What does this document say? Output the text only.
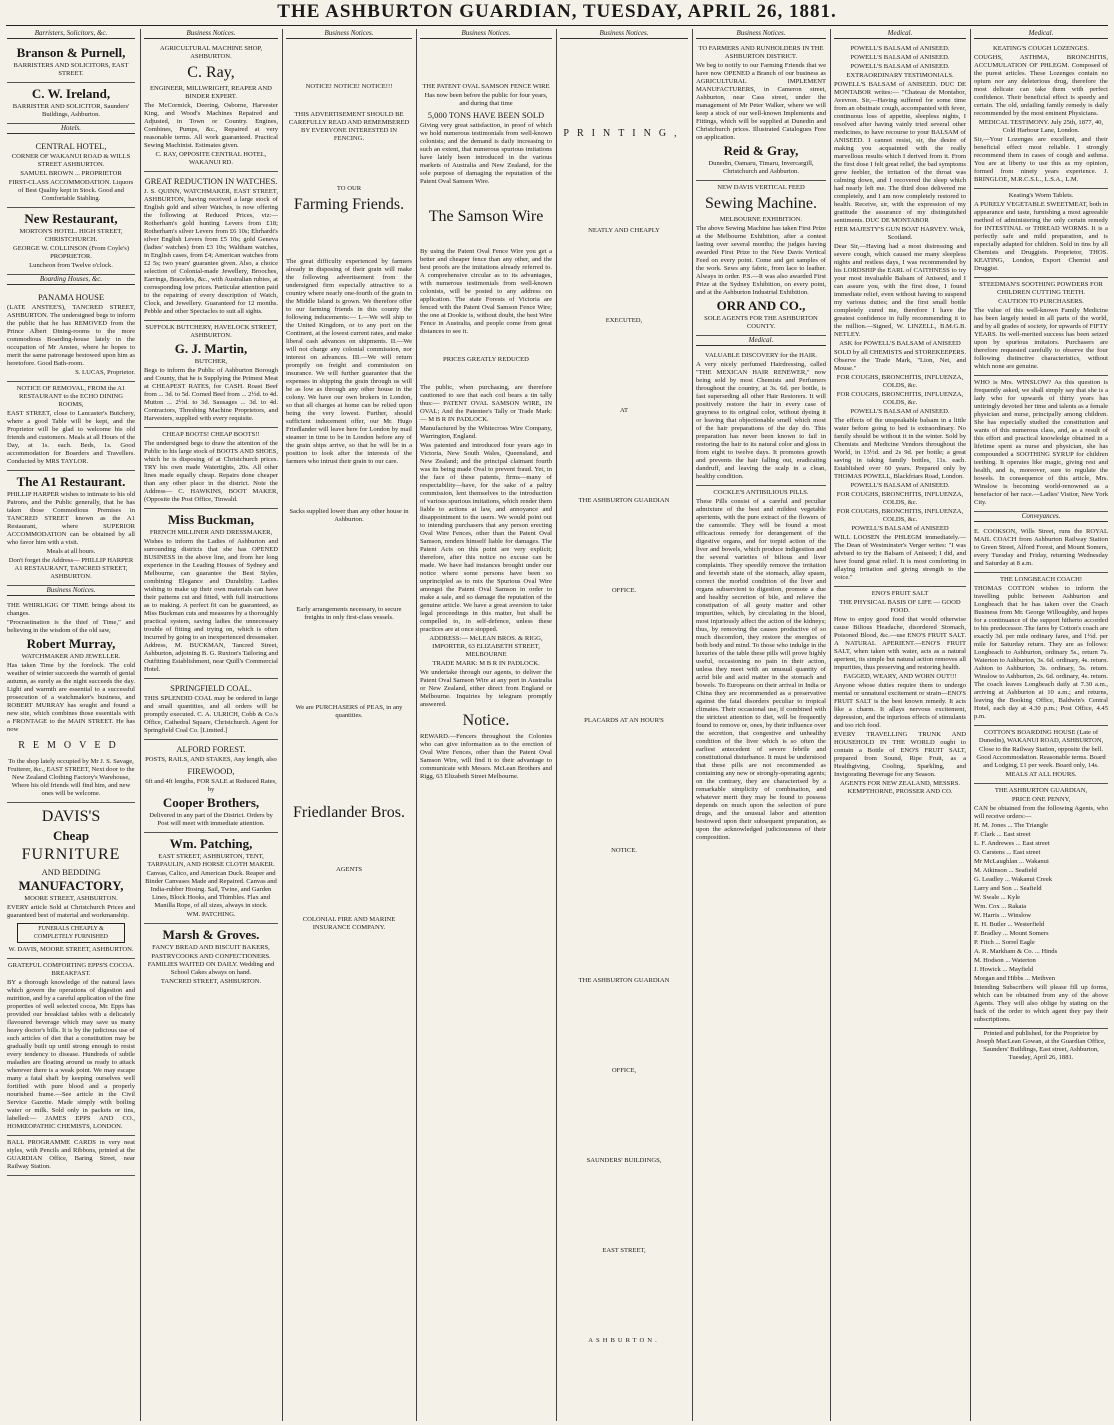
THE ASHBURTON GUARDIAN, TUESDAY, APRIL 26, 1881.
Barristers, Solicitors, &c.
Branson & Purnell,

BARRISTERS AND SOLICITORS, EAST STREET.

C. W. Ireland,

BARRISTER AND SOLICITOR, Saunders' Buildings, Ashburton.

Hotels.
CENTRAL HOTEL,

CORNER OF WAKANUI ROAD & WILLS STREET ASHBURTON.

SAMUEL BROWN ... PROPRIETOR

FIRST-CLASS ACCOMMODATION. Liquors of Best Quality kept in Stock. Good and Comfortable Stabling.

New Restaurant,

MORTON'S HOTEL. HIGH STREET, CHRISTCHURCH.

GEORGE W. COLLINSON (From Coyle's) PROPRIETOR.

Luncheon from Twelve o'clock.

Boarding Houses, &c.
PANAMA HOUSE

(LATE ANSTEE'S), TANCRED STREET, ASHBURTON. The undersigned begs to inform the public that he has REMOVED from the Prince Albert Dining-rooms to the more commodious Boarding-house lately in the occupation of Mr Anstee, where he hopes to merit the same patronage bestowed upon him as heretofore. Good Bath-room.

S. LUCAS, Proprietor.

NOTICE OF REMOVAL, FROM the A1 RESTAURANT to the ECHO DINING ROOMS,

EAST STREET, close to Lancaster's Butchery, where a good Table will be kept, and the Proprietor will be glad to welcome his old friends and customers. Meals at all Hours of the Day, at 1s. each. Beds, 1s. Good accommodation for Boarders and Travellers. Conducted by MRS TAYLOR.

The A1 Restaurant.

PHILLIP HARPER wishes to intimate to his old Patrons, and the Public generally, that he has taken those Commodious Premises in TANCRED STREET known as the A1 Restaurant, where SUPERIOR ACCOMMODATION can be obtained by all who favor him with a visit.

Meals at all hours.

Don't forget the Address— PHILLIP HARPER A1 RESTAURANT, TANCRED STREET, ASHBURTON.

Business Notices.

THE WHIRLIGIG OF TIME brings about its changes.

"Procrastination is the thief of Time," and believing in the wisdom of the old saw,

Robert Murray,

WATCHMAKER AND JEWELLER.

Has taken Time by the forelock. The cold weather of winter succeeds the warmth of genial autumn, as surely as the night succeeds the day. Light and warmth are essential to a successful prosecution of a watchmaker's business, and ROBERT MURRAY has sought and found a new site, which combines those essentials with a FRONTAGE to the MAIN STREET. He has now

REMOVED

To the shop lately occupied by Mr J. S. Savage, Fruiterer, &c., EAST STREET, Next door to the New Zealand Clothing Factory's Warehouse, Where his old friends will find him, and new ones will be welcome.

DAVIS'S
Cheap
FURNITURE
AND BEDDING
MANUFACTORY,

MOORE STREET, ASHBURTON.

EVERY article Sold at Christchurch Prices and guaranteed best of material and workmanship.

FUNERALS CHEAPLY & COMPLETELY FURNISHED

W. DAVIS, MOORE STREET, ASHBURTON.

GRATEFUL COMFORTING EPPS'S COCOA. BREAKFAST.

BY a thorough knowledge of the natural laws which govern the operations of digestion and nutrition, and by a careful application of the fine properties of well selected cocoa, Mr. Epps has provided our breakfast tables with a delicately flavoured beverage which may save us many heavy doctor's bills. It is by the judicious use of such articles of diet that a constitution may be gradually built up until strong enough to resist every tendency to disease. Hundreds of subtle maladies are floating around us ready to attack wherever there is a weak point. We may escape many a fatal shaft by keeping ourselves well fortified with pure blood and a properly nourished frame.—See article in the Civil Service Gazette. Made simply with boiling water or milk. Sold only in packets or tins, labelled:— JAMES EPPS AND CO., HOMŒOPATHIC CHEMISTS, LONDON.

BALL PROGRAMME CARDS in very neat styles, with Pencils and Ribbons, printed at the GUARDIAN Office, Baring Street, near Railway Station.

Business Notices.

AGRICULTURAL MACHINE SHOP, ASHBURTON.

C. Ray,

ENGINEER, MILLWRIGHT, REAPER AND BINDER EXPERT.

The McCormick, Deering, Osborne, Harvester King, and Wood's Machines Repaired and Adjusted, in Town or Country. Engines, Combines, Pumps, &c., Repaired at very reasonable terms. All work guaranteed. Practical Sewing Machinist. Estimates given.

C. RAY, OPPOSITE CENTRAL HOTEL, WAKANUI RD.

GREAT REDUCTION IN WATCHES.

J. S. QUINN, WATCHMAKER, EAST STREET, ASHBURTON, having received a large stock of English gold and silver Watches, is now offering the following at Reduced Prices, viz:—Rotherham's gold hunting Levers from £18; Rotherham's silver Levers from £6 10s; Ehrhardt's silver English Levers from £5 10s; gold Geneva (ladies' watches) from £3 10s; Waltham watches, in English cases, from £4; American watches from £2 5s; two years' guarantee given. Also, a choice selection of Colonial-made Jewellery, Brooches, Earrings, Bracelets, &c., with Australian rubies, at corresponding low prices. Particular attention paid to the repairing of every description of Watch, Clock, and Jewellery. Guaranteed for 12 months. Pebble and other Spectacles to suit all sights.

SUFFOLK BUTCHERY, HAVELOCK STREET, ASHBURTON.

G. J. Martin,

BUTCHER,

Begs to inform the Public of Ashburton Borough and County, that he is Supplying the Primest Meat at CHEAPEST RATES, for CASH. Roast Beef from ... 3d. to 5d. Corned Beef from ... 2½d. to 4d. Mutton ... 2½d. to 3d. Sausages ... 3d. to 4d. Contractors, Threshing Machine Proprietors, and Harvesters, supplied with every requisite.

CHEAP BOOTS! CHEAP BOOTS!!

The undersigned begs to draw the attention of the Public to his large stock of BOOTS AND SHOES, which he is disposing of at Christchurch prices. TRY his own made Watertights, 20s. All other lines made equally cheap. Repairs done cheaper than any other place in the district. Note the Address— C. HAWKINS, BOOT MAKER, (Opposite the Post Office, Tinwald.

Miss Buckman,

FRENCH MILLINER AND DRESSMAKER,

Wishes to inform the Ladies of Ashburton and surrounding districts that she has OPENED BUSINESS in the above line, and from her long experience in the Leading Houses of Sydney and Melbourne, can guarantee the Best Styles, combining Elegance and Durability. Ladies wishing to make up their own materials can have their patterns cut and fitted, with full instructions as to making. A perfect fit can be guaranteed, as Miss Buckman cuts and measures by a thoroughly practical system, saving ladies the unnecessary trouble of fitting and trying on, which is often incurred by going to an inexperienced dressmaker. Address, M. BUCKMAN, Tancred Street, Ashburton, adjoining B. G. Ruxton's Tailoring and Outfitting Establishment, near Quill's Commercial Hotel.

SPRINGFIELD COAL.

THIS SPLENDID COAL may be ordered in large and small quantities, and all orders will be promptly executed. C. A. ULRICH, Cobb & Co.'s Office, Cathedral Square, Christchurch. Agent for Springfield Coal Co. [Limited.]

ALFORD FOREST.

POSTS, RAILS, AND STAKES, Any length, also

FIREWOOD,

6ft and 4ft lengths, FOR SALE at Reduced Rates, by

Cooper Brothers,

Delivered in any part of the District. Orders by Post will meet with immediate attention.

Wm. Patching,

EAST STREET, ASHBURTON, TENT, TARPAULIN, AND HORSE CLOTH MAKER.

Canvas, Calico, and American Duck. Reaper and Binder Canvases Made and Repaired. Canvas and India-rubber Hosing. Sail, Twine, and Garden Lines, Block Hooks, and Thimbles. Flax and Manilla Rope, of all sizes, always in stock.

WM. PATCHING.

Marsh & Groves.

FANCY BREAD AND BISCUIT BAKERS,

PASTRYCOOKS AND CONFECTIONERS. FAMILIES WAITED ON DAILY. Wedding and School Cakes always on hand.

TANCRED STREET, ASHBURTON.

Business Notices.

NOTICE! NOTICE! NOTICE!!!

THIS ADVERTISEMENT SHOULD BE CAREFULLY READ AND REMEMBERED BY EVERYONE INTERESTED IN FENCING.

TO OUR

Farming Friends.

The great difficulty experienced by farmers already in disposing of their grain will make the following advertisement from the undersigned firm especially attractive to a country where nearly one-fourth of the grain in the Middle Island is grown. We therefore offer to our farming friends in this county the following inducements:— I.—We will ship to the United Kingdom, or to any port on the Continent, at the lowest current rates, and make liberal cash advances on shipments. II.—We will not charge any colonial commission, nor interest on advances. III.—We will return promptly on freight and commission on insurance. We will further guarantee that the expenses in shipping the grain through us will be as low as through any other house in the colony. We have our own brokers in London, so that all charges at home can be relied upon being the very lowest. Further, should sufficient inducement offer, our Mr. Hugo Friedlander will leave here for London by mail steamer in time to be in London before any of the grain ships arrive, so that he will be in a position to look after the interests of the farmers who intrust their grain to our care.

Sacks supplied lower than any other house in Ashburton.

Early arrangements necessary, to secure freights in only first-class vessels.

We are PURCHASERS of PEAS, in any quantities.

Friedlander Bros.

AGENTS

COLONIAL FIRE AND MARINE INSURANCE COMPANY.

Business Notices.

THE PATENT OVAL SAMSON FENCE WIRE

Has now been before the public for four years, and during that time

5,000 TONS HAVE BEEN SOLD

Giving very great satisfaction, in proof of which we hold numerous testimonials from well-known colonists; and the demand is daily increasing to such an extent, that numerous spurious imitations have lately been introduced in the various markets of Australia and New Zealand, for the sole purpose of damaging the reputation of the Patent Oval Samson Wire.

The Samson Wire

By using the Patent Oval Fence Wire you get a better and cheaper fence than any other, and the best proofs are the imitations already referred to. A comprehensive circular as to its advantages, with numerous testimonials from well-known colonists, will be posted to any address on application. The state Forests of Victoria are fenced with the Patent Oval Samson Fence Wire; the one at Dookie is, without doubt, the best Wire Fence in Australia, and people come from great distances to see it.

PRICES GREATLY REDUCED

The public, when purchasing, are therefore cautioned to see that each coil bears a tin tally thus:— PATENT OVAL SAMSON WIRE, IN OVAL; And the Patentee's Tally or Trade Mark:— M B R IN PADLOCK.

Manufactured by the Whitecross Wire Company, Warrington, England.

Was patented and introduced four years ago in Victoria, New South Wales, Queensland, and New Zealand; and the principal claimant fourth was its being made Oval to prevent fraud. Yet, in the face of these patents, firms—many of respectability—have, for the sake of a paltry commission, lent themselves to the introduction of various spurious imitations, which render them liable to actions at law, and annoyance and disappointment to the users. We would point out to intending purchasers that any person erecting Oval Wire Fences, other than the Patent Oval Samson, renders himself liable for damages. The Patent Acts on this point are very explicit; therefore, after this notice no excuse can be made. We have had instances brought under our notice where some persons have been so unprincipled as to mix the Spurious Oval Wire amongst the Patent Oval Samson in order to make a sale, and so damage the reputation of the genuine article. We have a great aversion to take legal proceedings in this matter, but shall be compelled to, in self-defence, unless these practices are at once stopped.

ADDRESS:— McLEAN BROS. & RIGG, IMPORTER, 63 ELIZABETH STREET, MELBOURNE

TRADE MARK: M B R IN PADLOCK.

We undertake through our agents, to deliver the Patent Oval Samson Wire at any port in Australia or New Zealand, either direct from England or Melbourne. Inquiries by telegram promptly answered.

Notice.

REWARD.—Fencers throughout the Colonies who can give information as to the erection of Oval Wire Fences, other than the Patent Oval Samson Wire, will find it to their advantage to communicate with Messrs. McLean Brothers and Rigg, 63 Elizabeth Street Melbourne.

Business Notices.
PRINTING,

NEATLY AND CHEAPLY

EXECUTED,

AT

THE ASHBURTON GUARDIAN

OFFICE.

PLACARDS AT AN HOUR'S

NOTICE.

THE ASHBURTON GUARDIAN

OFFICE,

SAUNDERS' BUILDINGS,

EAST STREET,

ASHBURTON.

Business Notices.

TO FARMERS AND RUNHOLDERS IN THE ASHBURTON DISTRICT.

We beg to notify to our Farming Friends that we have now OPENED a Branch of our business as AGRICULTURAL IMPLEMENT MANUFACTURERS, in Cameron street, Ashburton, near Cass street, under the management of Mr Peter Walker, where we will keep a stock of our well-known Implements and Fittings, which will be supplied at Dunedin and Christchurch prices. Illustrated Catalogues Free on application.

Reid & Gray,

Dunedin, Oamaru, Timaru, Invercargill, Christchurch and Ashburton.

NEW DAVIS VERTICAL FEED

Sewing Machine.

MELBOURNE EXHIBITION.

The above Sewing Machine has taken First Prize at the Melbourne Exhibition, after a contest lasting over several months; the judges having awarded First Prize to the New Davis Vertical Feed on every point. Come and get samples of the work. Sews any fabric, from lace to leather. Always in order. P.S.—It was also awarded First Prize at the Sydney Exhibition, on every point, and at the Ashburton Industrial Exhibition.

ORR AND CO.,

SOLE AGENTS FOR THE ASHBURTON COUNTY.

Medical.

VALUABLE DISCOVERY for the HAIR.

A very nicely perfumed Hairdressing, called "THE MEXICAN HAIR RENEWER," now being sold by most Chemists and Perfumers throughout the country, at 3s. 6d. per bottle, is fast superseding all other Hair Restorers. It will positively restore the hair in every case of grayness to its original color, without dyeing it or leaving that objectionable smell which most of the hair preparations of the day do. This preparation has never been known to fail in restoring the hair to its natural color and gloss in from eight to twelve days. It promotes growth and prevents the hair falling out, eradicating dandruff, and leaving the scalp in a clean, healthy condition.

COCKLE'S ANTIBILIOUS PILLS.

These Pills consist of a careful and peculiar admixture of the best and mildest vegetable aperients, with the pure extract of the flowers of the camomile. They will be found a most efficacious remedy for derangement of the digestive organs, and for torpid action of the liver and bowels, which produce indigestion and the several varieties of bilious and liver complaints. They speedily remove the irritation and feverish state of the stomach, allay spasm, correct the morbid condition of the liver and organs subservient to digestion, promote a due and healthy secretion of bile, and relieve the constipation of all gouty matter and other impurities, which, by circulating in the blood, most injuriously affect the action of the kidneys; thus, by removing the causes productive of so much discomfort, they restore the energies of both body and mind. To those who indulge in the luxuries of the table these pills will prove highly useful, occasioning no pain in their action, unless they meet with an unusual quantity of acrid bile and acid matter in the stomach and bowels. To Europeans on their arrival in India or China they are recommended as a preservative against the fatal disorders peculiar to tropical climates. Their occasional use, if combined with the strictest attention to diet, will be frequently found to remove or, ones, by their influence over the secretion, that congestive and unhealthy condition of the liver which is so often the earliest antecedent of severe febrile and constitutional disturbance. It must be understood that these pills are not recommended as containing any new or strongly-operating agents; on the contrary, they are characterised by a remarkable simplicity of combination, and whatever merit they may be found to possess depends on much upon the selection of pure drugs, and the unusual labor and attention bestowed upon their subsequent preparation, as upon the acknowledged judiciousness of their composition.

Medical.

POWELL'S BALSAM of ANISEED.

POWELL'S BALSAM of ANISEED.

POWELL'S BALSAM of ANISEED.

EXTRAORDINARY TESTIMONIALS.

POWELL'S BALSAM of ANISEED. DUC DE MONTABOR writes:— "Chateau de Montabor, Avevron. Sir,—Having suffered for some time from an obstinate cough, accompanied with fever, continuous loss of appetite, sleepless nights, I resolved after having vainly tried several other medicines, to have recourse to your BALSAM of ANISEED. I cannot resist, sir, the desire of making you acquainted with the really marvellous results which I derived from it. From the first dose I felt great relief, the bad symptoms grew feebler, the irritation of the throat was calming down, and I recovered the sleep which had nearly left me. The third dose delivered me completely, and I am now completely restored to health. Receive, sir, with the expression of my gratitude the assurance of my distinguished sentiments. DUC DE MONTABOR

HER MAJESTY'S GUN BOAT HARVEY. Wick, Scotland.

Dear Sir,—Having had a most distressing and severe cough, which caused me many sleepless nights and restless days, I was recommended by his LORDSHIP the EARL of CAITHNESS to try your most invaluable Balsam of Aniseed, and I can assure you, with the first dose, I found immediate relief, even without having to suspend my various duties; and the first small bottle completely cured me, therefore I have the greatest confidence in fully recommending it to the million.—Signed, W. LINZELL, B.M.G.B. NETLEY.

ASK for POWELL'S BALSAM of ANISEED

SOLD by all CHEMISTS and STOREKEEPERS. Observe the Trade Mark, "Lion, Net, and Mouse."

FOR COUGHS, BRONCHITIS, INFLUENZA, COLDS, &c.

FOR COUGHS, BRONCHITIS, INFLUENZA, COLDS, &c.

POWELL'S BALSAM of ANISEED.

The effects of the unspeakable balsam in a little water before going to bed is extraordinary. No family should be without it in the winter. Sold by Chemists and Medicine Vendors throughout the World, in 13½d. and 2s 9d. per bottle; a great saving in taking family bottles, 11s. each. Established over 60 years. Prepared only by THOMAS POWELL, Blackfriars Road, London.

POWELL'S BALSAM of ANISEED.

FOR COUGHS, BRONCHITIS, INFLUENZA, COLDS, &c.

FOR COUGHS, BRONCHITIS, INFLUENZA, COLDS, &c.

POWELL'S BALSAM of ANISEED

WILL LOOSEN the PHLEGM immediately.—The Dean of Westminster's Verger writes: "I was advised to try the Balsam of Aniseed; I did, and have found great relief. It is most comforting in allaying irritation and giving strength to the voice."

ENO'S FRUIT SALT

THE PHYSICAL BASIS OF LIFE — GOOD FOOD.

How to enjoy good food that would otherwise cause Bilious Headache, disordered Stomach, Poisoned Blood, &c.—use ENO'S FRUIT SALT. A NATURAL APERIENT.—ENO'S FRUIT SALT, when taken with water, acts as a natural aperient, its simple but natural action removes all impurities, thus preserving and restoring health.

FAGGED, WEARY, AND WORN OUT!!!

Anyone whose duties require them to undergo mental or unnatural excitement or strain—ENO'S FRUIT SALT is the best known remedy. It acts like a charm. It allays nervous excitement, depression, and the injurious effects of stimulants and too rich food.

EVERY TRAVELLING TRUNK AND HOUSEHOLD IN THE WORLD ought to contain a Bottle of ENO'S FRUIT SALT, prepared from Sound, Ripe Fruit, as a Healthgiving, Cooling, Sparkling, and Invigorating Beverage for any Season.

AGENTS FOR NEW ZEALAND, MESSRS. KEMPTHORNE, PROSSER AND CO.

Medical.

KEATING'S COUGH LOZENGES.

COUGHS, ASTHMA, BRONCHITIS, ACCUMULATION OF PHLEGM. Composed of the purest articles. These Lozenges contain no opium nor any deleterious drug, therefore the most delicate can take them with perfect confidence. Their beneficial effect is speedy and certain. The old, unfailing family remedy is daily recommended by the most eminent Physicians.

MEDICAL TESTIMONY. July 25th, 1877, 40, Cold Harbour Lane, London.

Sir,—Your Lozenges are excellent, and their beneficial effect most reliable. I strongly recommend them in cases of cough and asthma. You are at liberty to use this as my opinion, formed from ninety years experience. J. BRINGLOE, M.R.C.S.L., L.S.A., L.M.

Keating's Worm Tablets.

A PURELY VEGETABLE SWEETMEAT, both in appearance and taste, furnishing a most agreeable method of administering the only certain remedy for INTESTINAL or THREAD WORMS. It is a perfectly safe and mild preparation, and is especially adapted for children. Sold in tins by all Chemists and Druggists. Proprietor, THOS. KEATING, London, Export Chemist and Druggist.

STEEDMAN'S SOOTHING POWDERS FOR CHILDREN CUTTING TEETH.

CAUTION TO PURCHASERS.

The value of this well-known Family Medicine has been largely tested in all parts of the world, and by all grades of society, for upwards of FIFTY YEARS. Its well-merited success has been seized upon by spurious imitators. Purchasers are therefore requested carefully to observe the four following distinctive characteristics, without which none are genuine.

WHO is Mrs. WINSLOW? As this question is frequently asked, we shall simply say that she is a lady who for upwards of thirty years has untiringly devoted her time and talents as a female physician and nurse, principally among children. She has especially studied the constitution and wants of this numerous class, and, as a result of this effort and practical knowledge obtained in a lifetime spent as nurse and physician, she has compounded a SOOTHING SYRUP for children teething. It operates like magic, giving rest and health, and is, moreover, sure to regulate the bowels. In consequence of this article, Mrs. Winslow is becoming world-renowned as a benefactor of her race.—Ladies' Visitor, New York City.

Conveyances.

E. COOKSON, Wills Street, runs the ROYAL MAIL COACH from Ashburton Railway Station to Green Street, Alford Forest, and Mount Somers, every Tuesday and Friday, returning Wednesday and Saturday at 8 a.m.

THE LONGBEACH COACH!

THOMAS COTTON wishes to inform the travelling public between Ashburton and Longbeach that he has taken over the Coach Business from Mr. George Willoughby, and hopes for a continuance of the support hitherto accorded to his predecessor. The fares by Cotton's coach are exactly 3d. per mile ordinary fares, and 1½d. per mile for Saturday return. They are as follows: Longbeach to Ashburton, ordinary 5s., return 7s. Waterton to Ashburton, 3s. 6d. ordinary, 4s. return. Ashton to Ashburton, 3s. ordinary, 5s. return. Winslow to Ashburton, 2s. 6d. ordinary, 4s. return. The coach leaves Longbeach daily at 7.30 a.m., arriving at Ashburton at 10 a.m.; and returns, leaving the Booking Office, Baldwin's Central Hotel, each day at 4.30 p.m.; Post Office, 4.45 p.m.

COTTON'S BOARDING HOUSE (Late of Dunedin), WAKANUI ROAD, ASHBURTON,

Close to the Railway Station, opposite the bell. Good Accommodation. Reasonable terms. Board and Lodging, £1 per week. Board only, 14s.

MEALS AT ALL HOURS.

THE ASHBURTON GUARDIAN,

PRICE ONE PENNY,

CAN be obtained from the following Agents, who will receive orders:—

H. M. Jones ... The Triangle

F. Clark ... East street

L. F. Andrewes ... East street

O. Carstens ... East street

Mr McLaughlan ... Wakanui

M. Atkinson ... Seafield

G. Leadley ... Wakanui Creek

Larry and Son ... Seafield

W. Swale ... Kyle

Wm. Cox ... Rakaia

W. Harris ... Winslow

E. H. Butler ... Westerfield

F. Bradley ... Mount Somers

P. Fitch ... Sorrel Eagle

A. R. Markham & Co. ... Hinds

M. Hodson ... Waterton

J. Howick ... Mayfield

Morgan and Hibbs ... Methven

Intending Subscribers will please fill up forms, which can be obtained from any of the above Agents. They will also oblige by stating on the back of the order to which agent they pay their subscriptions.

Printed and published, for the Proprietor by Joseph MacLean Gowan, at the Guardian Office, Saunders' Buildings, East street, Ashburton, Tuesday, April 26, 1881.
